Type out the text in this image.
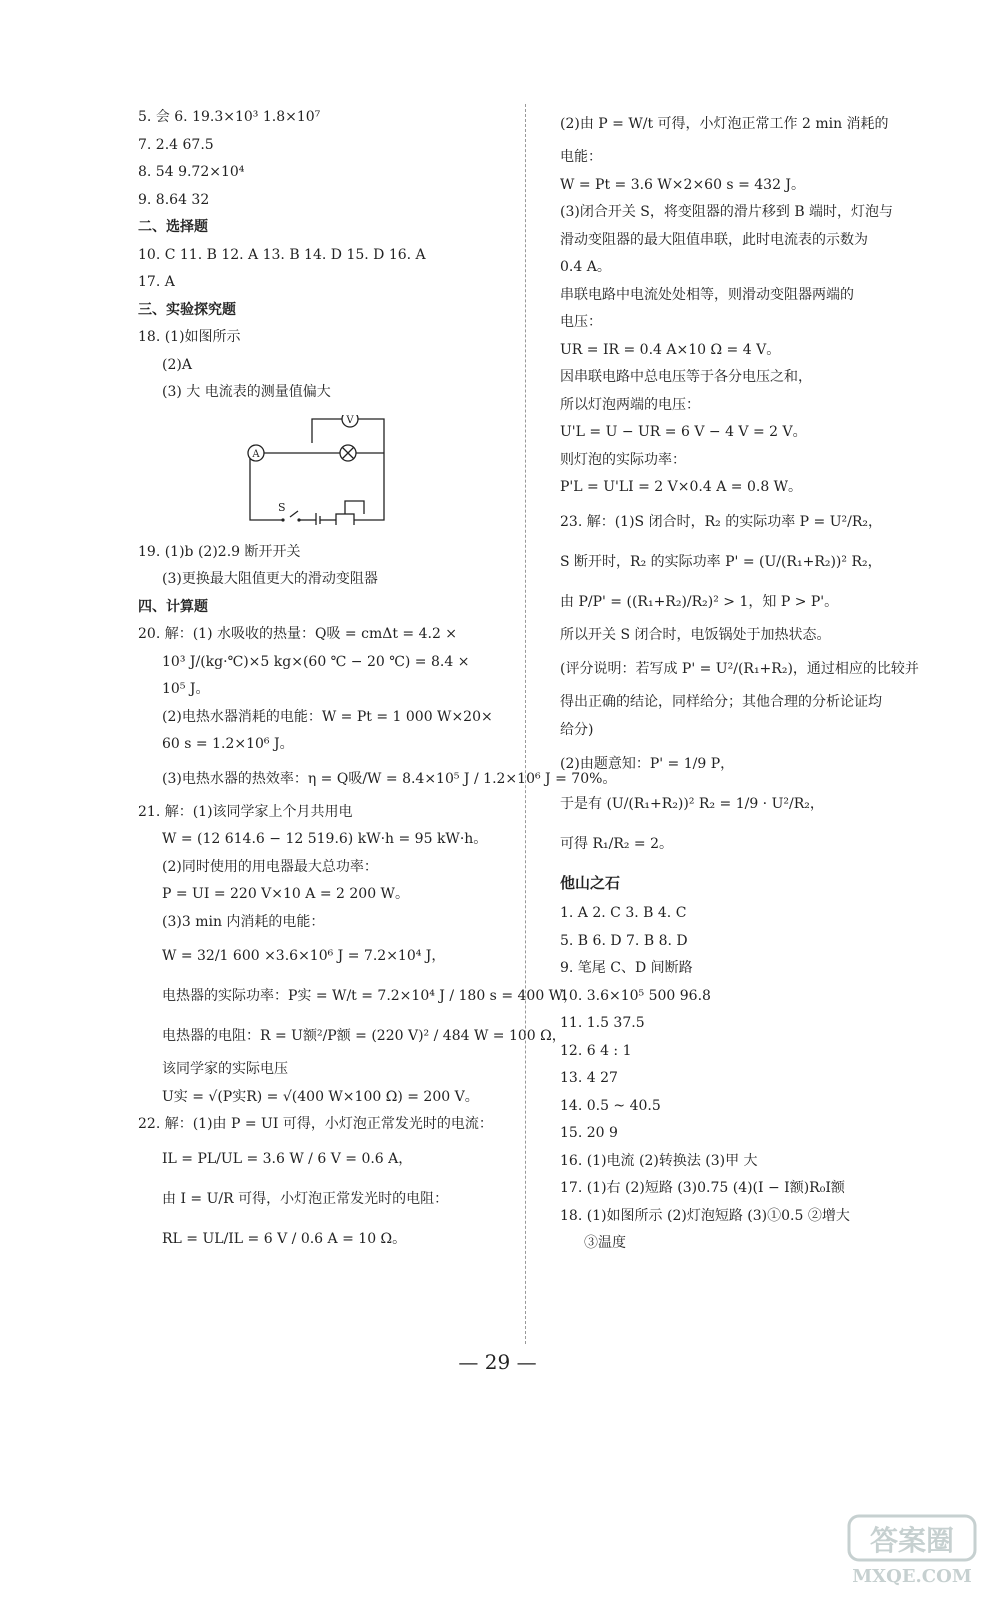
5. 会 6. 19.3×10³ 1.8×10⁷
7. 2.4 67.5
8. 54 9.72×10⁴
9. 8.64 32
二、选择题
10. C 11. B 12. A 13. B 14. D 15. D 16. A
17. A
三、实验探究题
18. (1)如图所示
(2)A
(3) 大 电流表的测量值偏大
A
V
S
19. (1)b (2)2.9 断开开关
(3)更换最大阻值更大的滑动变阻器
四、计算题
20. 解：(1) 水吸收的热量：Q吸 = cmΔt = 4.2 ×
10³ J/(kg·℃)×5 kg×(60 ℃ − 20 ℃) = 8.4 ×
10⁵ J。
(2)电热水器消耗的电能：W = Pt = 1 000 W×20×
60 s = 1.2×10⁶ J。
(3)电热水器的热效率：η = Q吸/W = 8.4×10⁵ J / 1.2×10⁶ J = 70%。
21. 解：(1)该同学家上个月共用电
W = (12 614.6 − 12 519.6) kW·h = 95 kW·h。
(2)同时使用的用电器最大总功率：
P = UI = 220 V×10 A = 2 200 W。
(3)3 min 内消耗的电能：
W = 32/1 600 ×3.6×10⁶ J = 7.2×10⁴ J，
电热器的实际功率：P实 = W/t = 7.2×10⁴ J / 180 s = 400 W，
电热器的电阻：R = U额²/P额 = (220 V)² / 484 W = 100 Ω，
该同学家的实际电压
U实 = √(P实R) = √(400 W×100 Ω) = 200 V。
22. 解：(1)由 P = UI 可得，小灯泡正常发光时的电流：
IL = PL/UL = 3.6 W / 6 V = 0.6 A，
由 I = U/R 可得，小灯泡正常发光时的电阻：
RL = UL/IL = 6 V / 0.6 A = 10 Ω。
(2)由 P = W/t 可得，小灯泡正常工作 2 min 消耗的
电能：
W = Pt = 3.6 W×2×60 s = 432 J。
(3)闭合开关 S，将变阻器的滑片移到 B 端时，灯泡与
滑动变阻器的最大阻值串联，此时电流表的示数为
0.4 A。
串联电路中电流处处相等，则滑动变阻器两端的
电压：
UR = IR = 0.4 A×10 Ω = 4 V。
因串联电路中总电压等于各分电压之和，
所以灯泡两端的电压：
U'L = U − UR = 6 V − 4 V = 2 V。
则灯泡的实际功率：
P'L = U'LI = 2 V×0.4 A = 0.8 W。
23. 解：(1)S 闭合时，R₂ 的实际功率 P = U²/R₂，
S 断开时，R₂ 的实际功率 P' = (U/(R₁+R₂))² R₂，
由 P/P' = ((R₁+R₂)/R₂)² > 1，知 P > P'。
所以开关 S 闭合时，电饭锅处于加热状态。
(评分说明：若写成 P' = U²/(R₁+R₂)，通过相应的比较并
得出正确的结论，同样给分；其他合理的分析论证均
给分)
(2)由题意知：P' = 1/9 P，
于是有 (U/(R₁+R₂))² R₂ = 1/9 · U²/R₂，
可得 R₁/R₂ = 2。
他山之石
1. A 2. C 3. B 4. C
5. B 6. D 7. B 8. D
9. 笔尾 C、D 间断路
10. 3.6×10⁵ 500 96.8
11. 1.5 37.5
12. 6 4 : 1
13. 4 27
14. 0.5 ~ 40.5
15. 20 9
16. (1)电流 (2)转换法 (3)甲 大
17. (1)右 (2)短路 (3)0.75 (4)(I − I额)R₀I额
18. (1)如图所示 (2)灯泡短路 (3)①0.5 ②增大
③温度
— 29 —
答案圈
MXQE.COM
